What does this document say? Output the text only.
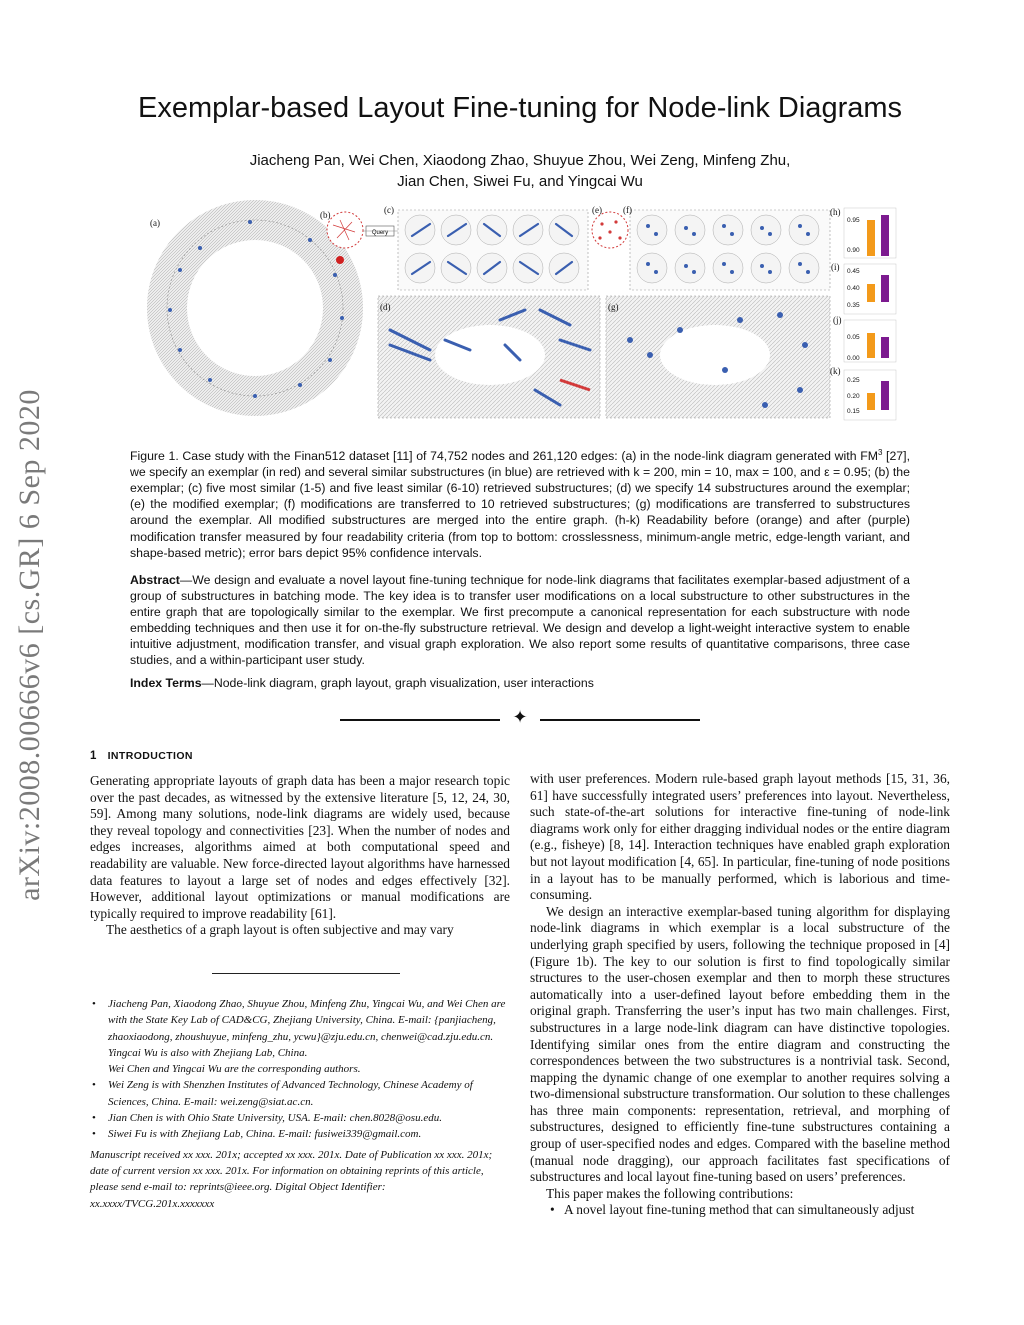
arXiv:2008.00666v6 [cs.GR] 6 Sep 2020
Exemplar-based Layout Fine-tuning for Node-link Diagrams
Jiacheng Pan, Wei Chen, Xiaodong Zhao, Shuyue Zhou, Wei Zeng, Minfeng Zhu,
Jian Chen, Siwei Fu, and Yingcai Wu
Query
0.95
0.90
0.45
0.40
0.35
0.05
0.00
0.25
0.20
0.15
(a)
(b)	(c)
(d)
(e) (f)
(g)
(h)
(i)
(j)
(k)
Figure 1. Case study with the Finan512 dataset [11] of 74,752 nodes and 261,120 edges: (a) in the node-link diagram generated with $FM^3$ [27], we specify an exemplar (in red) and several similar substructures (in blue) are retrieved with k = 200, min = 10, max = 100, and ε = 0.95; (b) the exemplar; (c) five most similar (1-5) and five least similar (6-10) retrieved substructures; (d) we specify 14 substructures around the exemplar; (e) the modified exemplar; (f) modifications are transferred to 10 retrieved substructures; (g) modifications are transferred to substructures around the exemplar. All modified substructures are merged into the entire graph. (h-k) Readability before (orange) and after (purple) modification transfer measured by four readability criteria (from top to bottom: crosslessness, minimum-angle metric, edge-length variant, and shape-based metric); error bars depict 95% confidence intervals.
Abstract—We design and evaluate a novel layout fine-tuning technique for node-link diagrams that facilitates exemplar-based adjustment of a group of substructures in batching mode. The key idea is to transfer user modifications on a local substructure to other substructures in the entire graph that are topologically similar to the exemplar. We first precompute a canonical representation for each substructure with node embedding techniques and then use it for on-the-fly substructure retrieval. We design and develop a light-weight interactive system to enable intuitive adjustment, modification transfer, and visual graph exploration. We also report some results of quantitative comparisons, three case studies, and a within-participant user study.
Index Terms—Node-link diagram, graph layout, graph visualization, user interactions
✦
1 INTRODUCTION

Generating appropriate layouts of graph data has been a major research topic over the past decades, as witnessed by the extensive literature [5, 12, 24, 30, 59]. Among many solutions, node-link diagrams are widely used, because they reveal topology and connectivities [23]. When the number of nodes and edges increases, algorithms aimed at both computational speed and readability are valuable. New force-directed layout algorithms have harnessed data features to layout a large set of nodes and edges effectively [32]. However, additional layout optimizations or manual modifications are typically required to improve readability [61].

The aesthetics of a graph layout is often subjective and may vary

• Jiacheng Pan, Xiaodong Zhao, Shuyue Zhou, Minfeng Zhu, Yingcai Wu, and Wei Chen are with the State Key Lab of CAD&CG, Zhejiang University, China. E-mail: {panjiacheng, zhaoxiaodong, zhoushuyue, minfeng_zhu, ycwu}@zju.edu.cn, chenwei@cad.zju.edu.cn.
Yingcai Wu is also with Zhejiang Lab, China.
Wei Chen and Yingcai Wu are the corresponding authors.
• Wei Zeng is with Shenzhen Institutes of Advanced Technology, Chinese Academy of Sciences, China. E-mail: wei.zeng@siat.ac.cn.
• Jian Chen is with Ohio State University, USA. E-mail: chen.8028@osu.edu.
• Siwei Fu is with Zhejiang Lab, China. E-mail: fusiwei339@gmail.com.
Manuscript received xx xxx. 201x; accepted xx xxx. 201x. Date of Publication xx xxx. 201x; date of current version xx xxx. 201x. For information on obtaining reprints of this article, please send e-mail to: reprints@ieee.org. Digital Object Identifier: xx.xxxx/TVCG.201x.xxxxxxx

with user preferences. Modern rule-based graph layout methods [15, 31, 36, 61] have successfully integrated users’ preferences into layout. Nevertheless, such state-of-the-art solutions for interactive fine-tuning of node-link diagrams work only for either dragging individual nodes or the entire diagram (e.g., fisheye) [8, 14]. Interaction techniques have enabled graph exploration but not layout modification [4, 65]. In particular, fine-tuning of node positions in a layout has to be manually performed, which is laborious and time-consuming.

We design an interactive exemplar-based tuning algorithm for displaying node-link diagrams in which exemplar is a local substructure of the underlying graph specified by users, following the technique proposed in [4] (Figure 1b). The key to our solution is first to find topologically similar structures to the user-chosen exemplar and then to morph these structures automatically into a user-defined layout before embedding them in the original graph. Transferring the user’s input has two main challenges. First, substructures in a large node-link diagram can have distinctive topologies. Identifying similar ones from the entire diagram and constructing the correspondences between the two substructures is a nontrivial task. Second, mapping the dynamic change of one exemplar to another requires solving a two-dimensional substructure transformation. Our solution to these challenges has three main components: representation, retrieval, and morphing of substructures, designed to efficiently fine-tune substructures containing a group of user-specified nodes and edges. Compared with the baseline method (manual node dragging), our approach facilitates fast specifications of substructures and local layout fine-tuning based on users’ preferences.

This paper makes the following contributions:

• A novel layout fine-tuning method that can simultaneously adjust
